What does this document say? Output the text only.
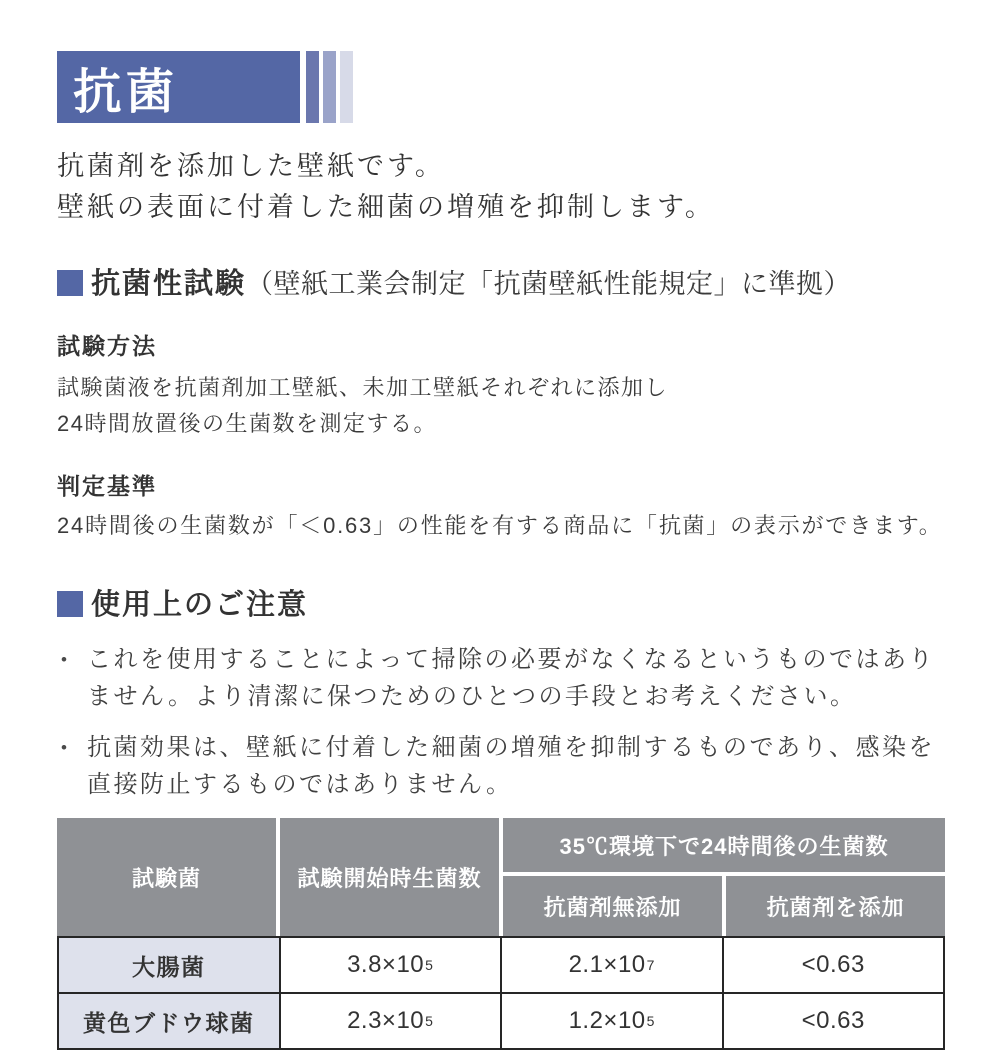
抗菌
抗菌剤を添加した壁紙です。
壁紙の表面に付着した細菌の増殖を抑制します。
抗菌性試験 （壁紙工業会制定「抗菌壁紙性能規定」に準拠）
試験方法
試験菌液を抗菌剤加工壁紙、未加工壁紙それぞれに添加し
24時間放置後の生菌数を測定する。
判定基準
24時間後の生菌数が「＜0.63」の性能を有する商品に「抗菌」の表示ができます。
使用上のご注意
• これを使用することによって掃除の必要がなくなるというものではありません。より清潔に保つためのひとつの手段とお考えください。
• 抗菌効果は、壁紙に付着した細菌の増殖を抑制するものであり、感染を直接防止するものではありません。
試験菌	試験開始時生菌数
35℃環境下で24時間後の生菌数
抗菌剤無添加	抗菌剤を添加
大腸菌	3.8×10 5	2.1×10 7	<0.63
黄色ブドウ球菌	2.3×10 5	1.2×10 5	<0.63
